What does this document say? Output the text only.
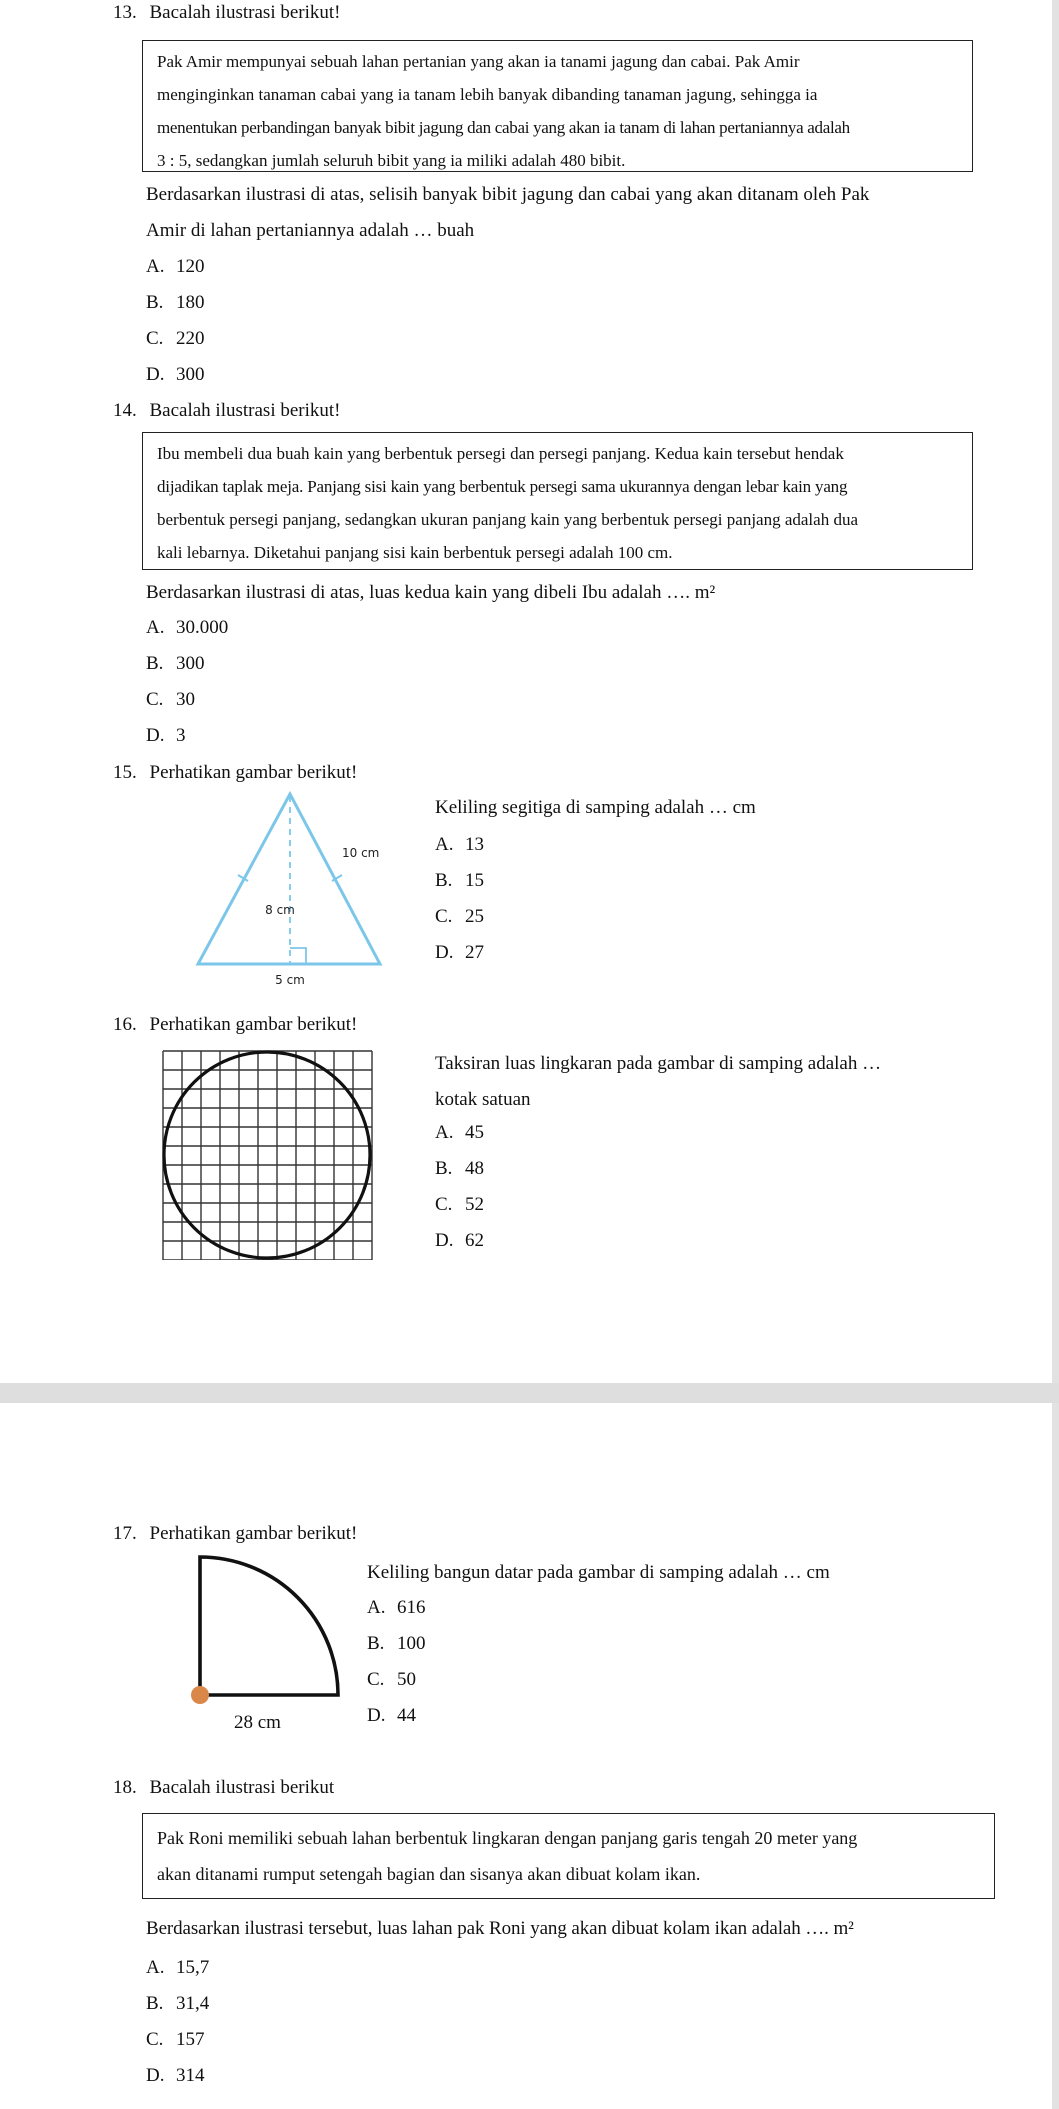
13. Bacalah ilustrasi berikut!

Pak Amir mempunyai sebuah lahan pertanian yang akan ia tanami jagung dan cabai. Pak Amir

menginginkan tanaman cabai yang ia tanam lebih banyak dibanding tanaman jagung, sehingga ia

menentukan perbandingan banyak bibit jagung dan cabai yang akan ia tanam di lahan pertaniannya adalah

3 : 5, sedangkan jumlah seluruh bibit yang ia miliki adalah 480 bibit.

Berdasarkan ilustrasi di atas, selisih banyak bibit jagung dan cabai yang akan ditanam oleh Pak
Amir di lahan pertaniannya adalah … buah
A. 120
B. 180
C. 220
D. 300
14. Bacalah ilustrasi berikut!

Ibu membeli dua buah kain yang berbentuk persegi dan persegi panjang. Kedua kain tersebut hendak

dijadikan taplak meja. Panjang sisi kain yang berbentuk persegi sama ukurannya dengan lebar kain yang

berbentuk persegi panjang, sedangkan ukuran panjang kain yang berbentuk persegi panjang adalah dua

kali lebarnya. Diketahui panjang sisi kain berbentuk persegi adalah 100 cm.

Berdasarkan ilustrasi di atas, luas kedua kain yang dibeli Ibu adalah …. m²
A. 30.000
B. 300
C. 30
D. 3
15. Perhatikan gambar berikut!
10 cm
8 cm
5 cm
Keliling segitiga di samping adalah … cm
A. 13
B. 15
C. 25
D. 27
16. Perhatikan gambar berikut!
Taksiran luas lingkaran pada gambar di samping adalah …
kotak satuan
A. 45
B. 48
C. 52
D. 62
17. Perhatikan gambar berikut!
28 cm
Keliling bangun datar pada gambar di samping adalah … cm
A. 616
B. 100
C. 50
D. 44
18. Bacalah ilustrasi berikut

Pak Roni memiliki sebuah lahan berbentuk lingkaran dengan panjang garis tengah 20 meter yang

akan ditanami rumput setengah bagian dan sisanya akan dibuat kolam ikan.

Berdasarkan ilustrasi tersebut, luas lahan pak Roni yang akan dibuat kolam ikan adalah …. m²
A. 15,7
B. 31,4
C. 157
D. 314
